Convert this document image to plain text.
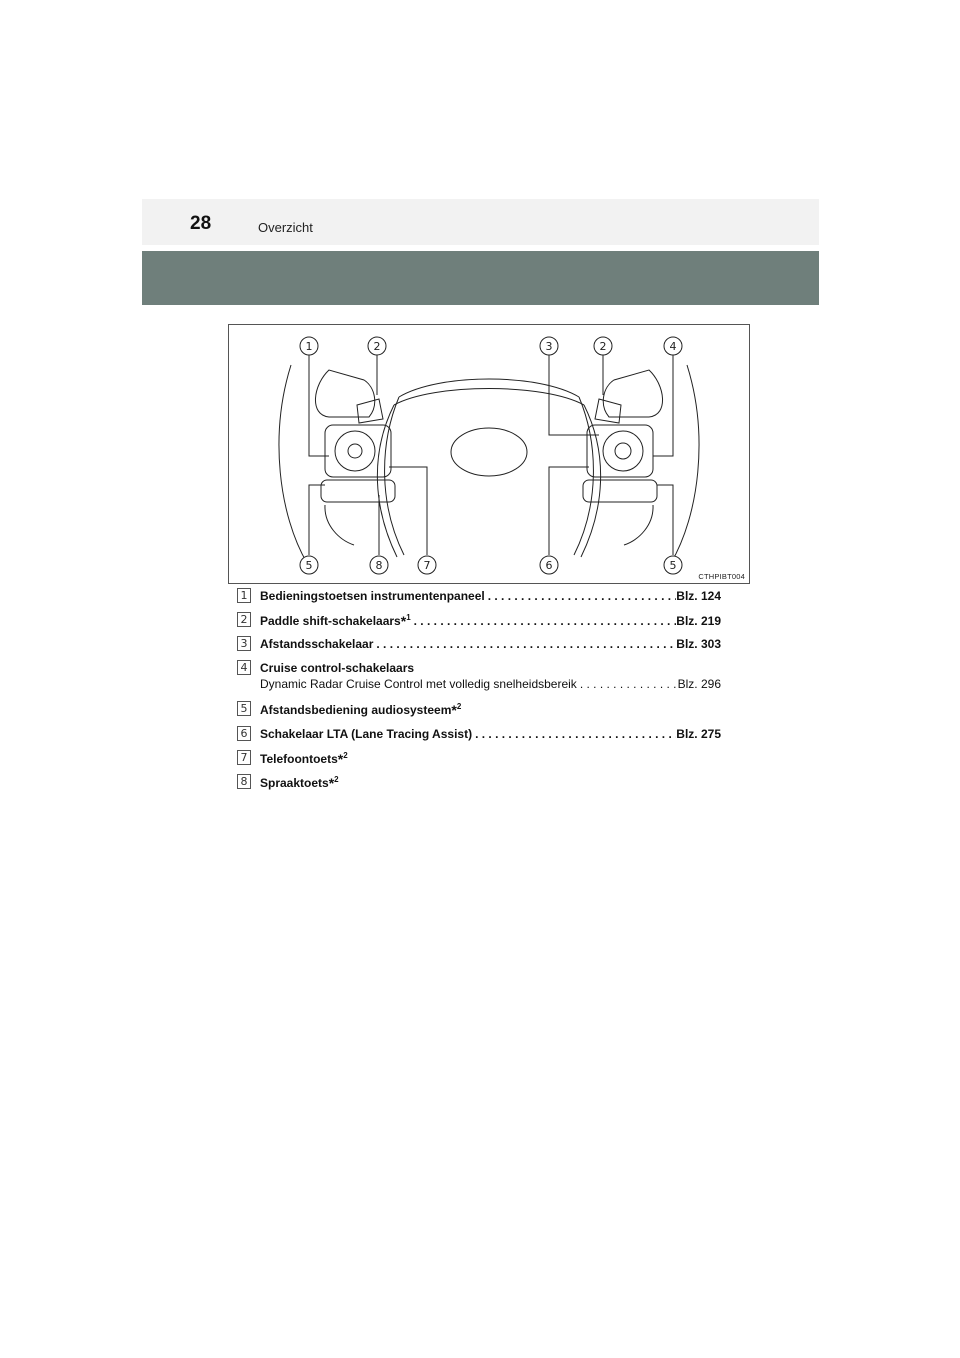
28	Overzicht
1	2	3	2	4
5	8	7	6	5
CTHPIBT004
1 Bedieningstoetsen instrumentenpaneel . . .	Blz. 124
2 Paddle shift-schakelaars*$^1$ . . .	Blz. 219
3 Afstandsschakelaar . . .	Blz. 303
4 Cruise control-schakelaars
Dynamic Radar Cruise Control met volledig snelheidsbereik . . .	Blz. 296
5 Afstandsbediening audiosysteem*$^2$
6 Schakelaar LTA (Lane Tracing Assist) . . .	Blz. 275
7 Telefoontoets*$^2$
8 Spraaktoets*$^2$
